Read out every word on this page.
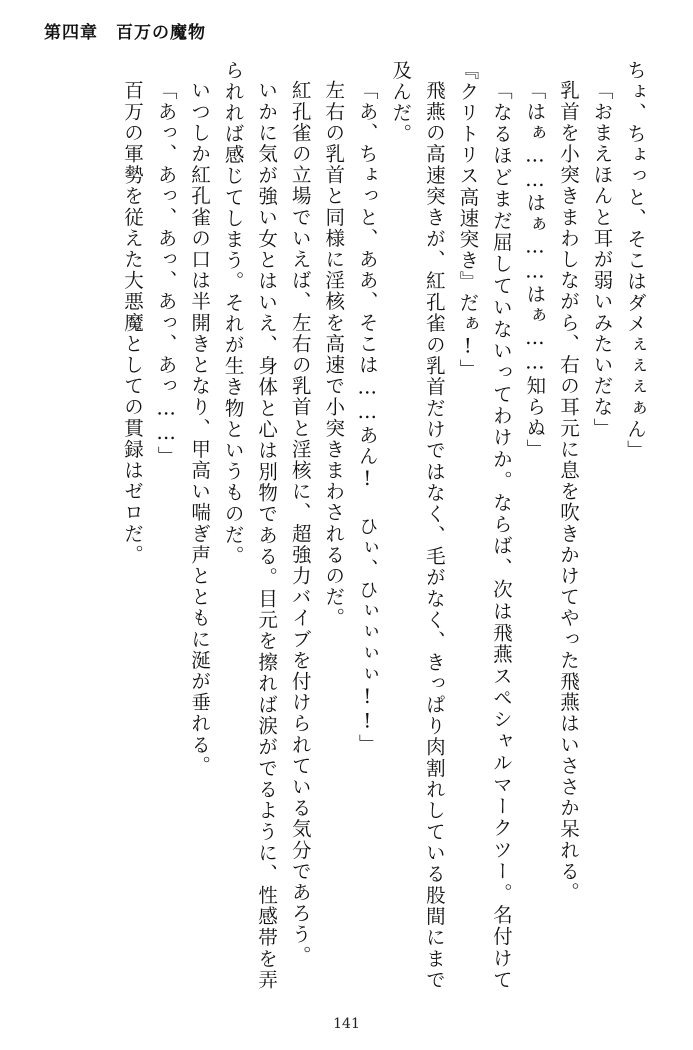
第四章 百万の魔物

ちょ、ちょっと、そこはダメぇぇぇぁん」

「おまえほんと耳が弱いみたいだな」

乳首を小突きまわしながら、右の耳元に息を吹きかけてやった飛燕はいささか呆れる。

「はぁ……はぁ……はぁ……知らぬ」

「なるほどまだ屈していないってわけか。ならば、次は飛燕スペシャルマークツー。名付けて『クリトリス高速突き』だぁ!」

飛燕の高速突きが、紅孔雀の乳首だけではなく、毛がなく、きっぱり肉割れしている股間にまで及んだ。

「あ、ちょっと、ああ、そこは……あん! ひぃ、ひぃぃぃぃ!!」

左右の乳首と同様に淫核を高速で小突きまわされるのだ。

紅孔雀の立場でいえば、左右の乳首と淫核に、超強力バイブを付けられている気分であろう。

いかに気が強い女とはいえ、身体と心は別物である。目元を擦れば涙がでるように、性感帯を弄られれば感じてしまう。それが生き物というものだ。

いつしか紅孔雀の口は半開きとなり、甲高い喘ぎ声とともに涎が垂れる。

「あっ、あっ、あっ、あっ、あっ……」

百万の軍勢を従えた大悪魔としての貫録はゼロだ。

141
